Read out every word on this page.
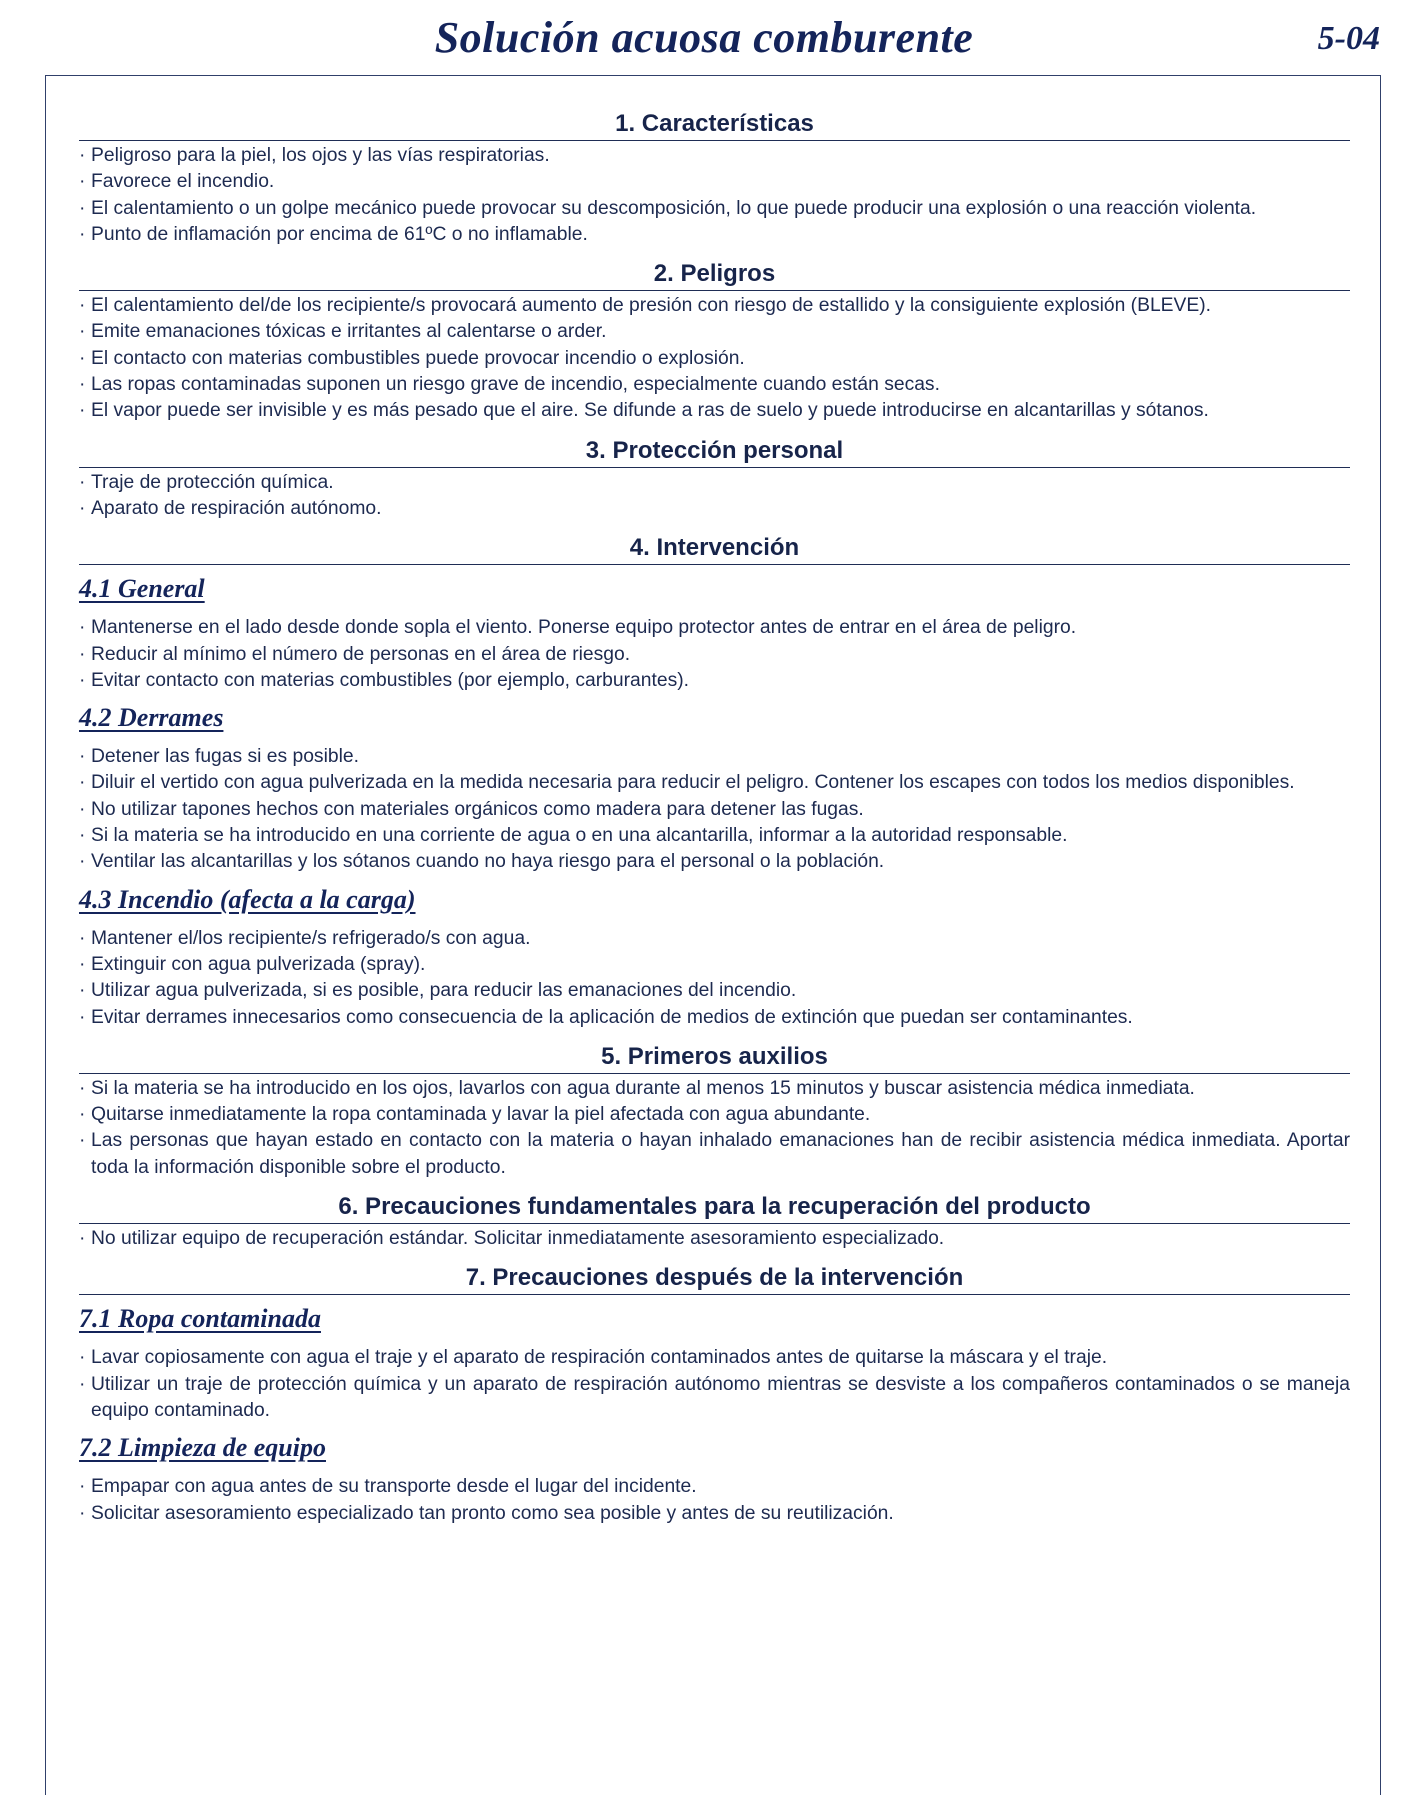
Solución acuosa comburente	5-04
1. Características
· Peligroso para la piel, los ojos y las vías respiratorias.
· Favorece el incendio.
· El calentamiento o un golpe mecánico puede provocar su descomposición, lo que puede producir una explosión o una reacción violenta.
· Punto de inflamación por encima de 61ºC o no inflamable.
2. Peligros
· El calentamiento del/de los recipiente/s provocará aumento de presión con riesgo de estallido y la consiguiente explosión (BLEVE).
· Emite emanaciones tóxicas e irritantes al calentarse o arder.
· El contacto con materias combustibles puede provocar incendio o explosión.
· Las ropas contaminadas suponen un riesgo grave de incendio, especialmente cuando están secas.
· El vapor puede ser invisible y es más pesado que el aire. Se difunde a ras de suelo y puede introducirse en alcantarillas y sótanos.
3. Protección personal
· Traje de protección química.
· Aparato de respiración autónomo.
4. Intervención
4.1 General
· Mantenerse en el lado desde donde sopla el viento. Ponerse equipo protector antes de entrar en el área de peligro.
· Reducir al mínimo el número de personas en el área de riesgo.
· Evitar contacto con materias combustibles (por ejemplo, carburantes).
4.2 Derrames
· Detener las fugas si es posible.
· Diluir el vertido con agua pulverizada en la medida necesaria para reducir el peligro. Contener los escapes con todos los medios disponibles.
· No utilizar tapones hechos con materiales orgánicos como madera para detener las fugas.
· Si la materia se ha introducido en una corriente de agua o en una alcantarilla, informar a la autoridad responsable.
· Ventilar las alcantarillas y los sótanos cuando no haya riesgo para el personal o la población.
4.3 Incendio (afecta a la carga)
· Mantener el/los recipiente/s refrigerado/s con agua.
· Extinguir con agua pulverizada (spray).
· Utilizar agua pulverizada, si es posible, para reducir las emanaciones del incendio.
· Evitar derrames innecesarios como consecuencia de la aplicación de medios de extinción que puedan ser contaminantes.
5. Primeros auxilios
· Si la materia se ha introducido en los ojos, lavarlos con agua durante al menos 15 minutos y buscar asistencia médica inmediata.
· Quitarse inmediatamente la ropa contaminada y lavar la piel afectada con agua abundante.
· Las personas que hayan estado en contacto con la materia o hayan inhalado emanaciones han de recibir asistencia médica inmediata. Aportar toda la información disponible sobre el producto.
6. Precauciones fundamentales para la recuperación del producto
· No utilizar equipo de recuperación estándar. Solicitar inmediatamente asesoramiento especializado.
7. Precauciones después de la intervención
7.1 Ropa contaminada
· Lavar copiosamente con agua el traje y el aparato de respiración contaminados antes de quitarse la máscara y el traje.
· Utilizar un traje de protección química y un aparato de respiración autónomo mientras se desviste a los compañeros contaminados o se maneja equipo contaminado.
7.2 Limpieza de equipo
· Empapar con agua antes de su transporte desde el lugar del incidente.
· Solicitar asesoramiento especializado tan pronto como sea posible y antes de su reutilización.
